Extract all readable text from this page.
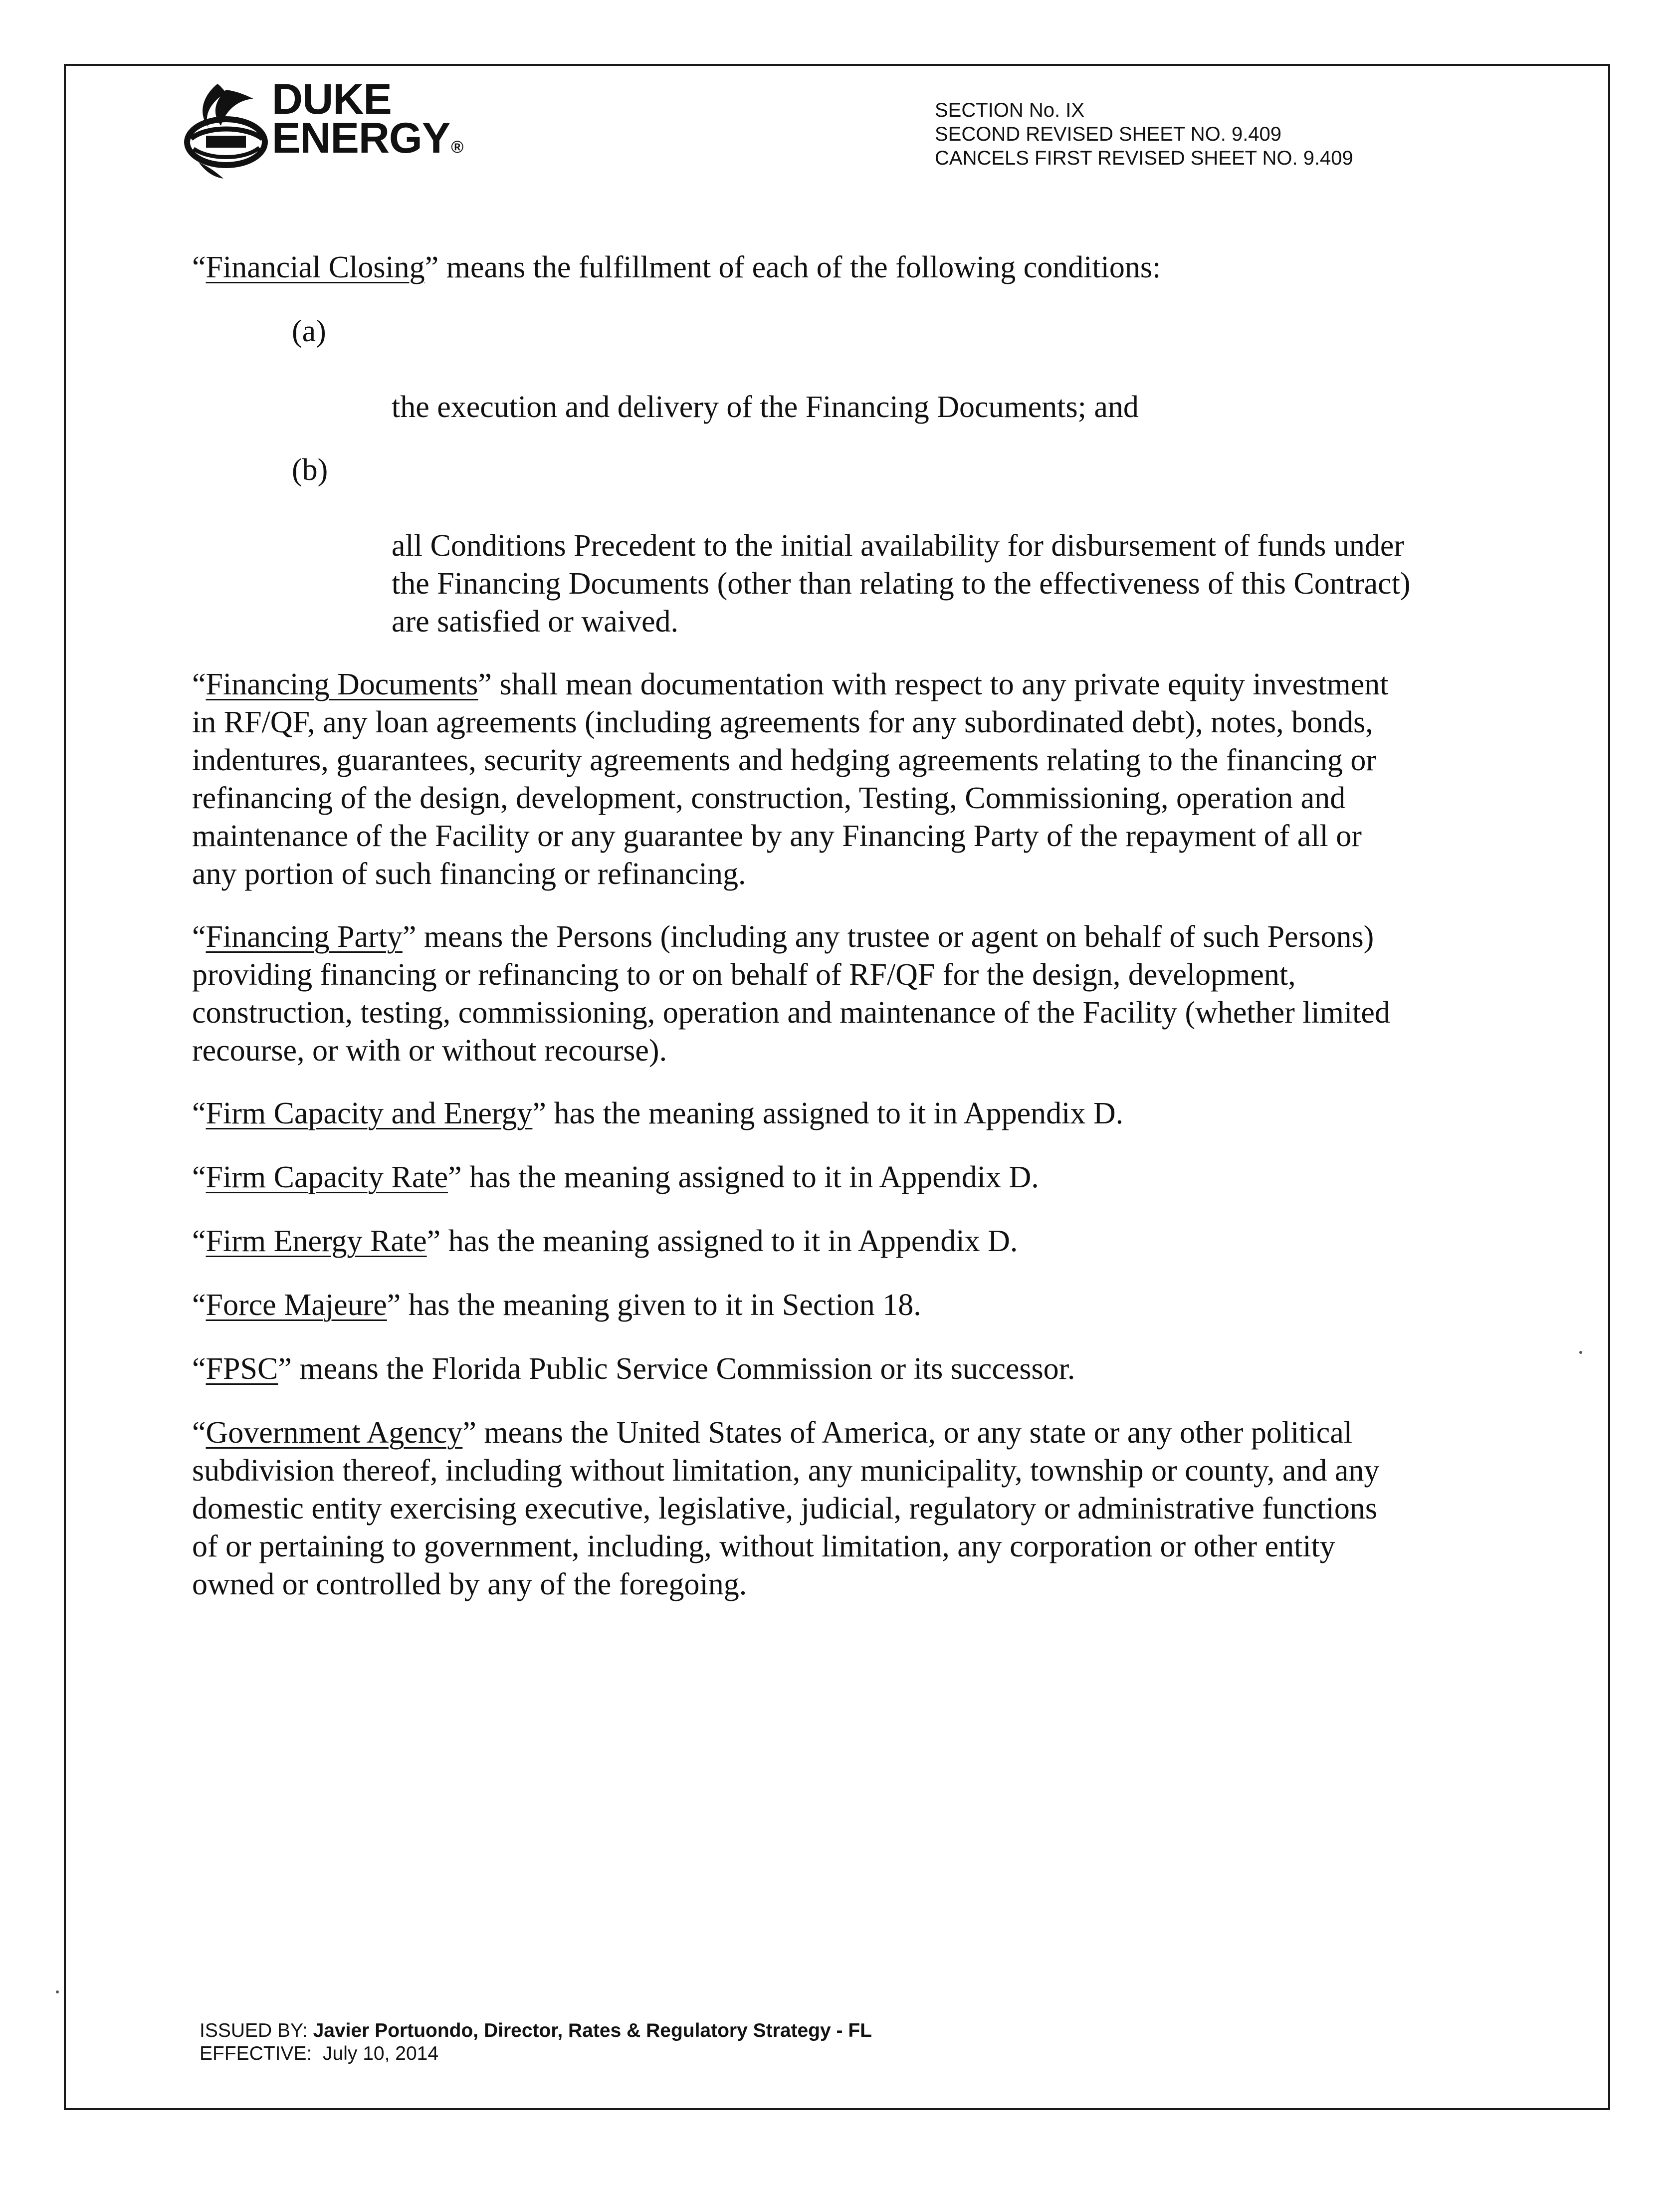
DUKE
ENERGY®
SECTION No. IX
SECOND REVISED SHEET NO. 9.409
CANCELS FIRST REVISED SHEET NO. 9.409

“Financial Closing” means the fulfillment of each of the following conditions:

(a)

the execution and delivery of the Financing Documents; and

(b)

all Conditions Precedent to the initial availability for disbursement of funds under
the Financing Documents (other than relating to the effectiveness of this Contract)
are satisfied or waived.

“Financing Documents” shall mean documentation with respect to any private equity investment
in RF/QF, any loan agreements (including agreements for any subordinated debt), notes, bonds,
indentures, guarantees, security agreements and hedging agreements relating to the financing or
refinancing of the design, development, construction, Testing, Commissioning, operation and
maintenance of the Facility or any guarantee by any Financing Party of the repayment of all or
any portion of such financing or refinancing.

“Financing Party” means the Persons (including any trustee or agent on behalf of such Persons)
providing financing or refinancing to or on behalf of RF/QF for the design, development,
construction, testing, commissioning, operation and maintenance of the Facility (whether limited
recourse, or with or without recourse).

“Firm Capacity and Energy” has the meaning assigned to it in Appendix D.

“Firm Capacity Rate” has the meaning assigned to it in Appendix D.

“Firm Energy Rate” has the meaning assigned to it in Appendix D.

“Force Majeure” has the meaning given to it in Section 18.

“FPSC” means the Florida Public Service Commission or its successor.

“Government Agency” means the United States of America, or any state or any other political
subdivision thereof, including without limitation, any municipality, township or county, and any
domestic entity exercising executive, legislative, judicial, regulatory or administrative functions
of or pertaining to government, including, without limitation, any corporation or other entity
owned or controlled by any of the foregoing.

ISSUED BY: Javier Portuondo, Director, Rates & Regulatory Strategy - FL
EFFECTIVE:  July 10, 2014
